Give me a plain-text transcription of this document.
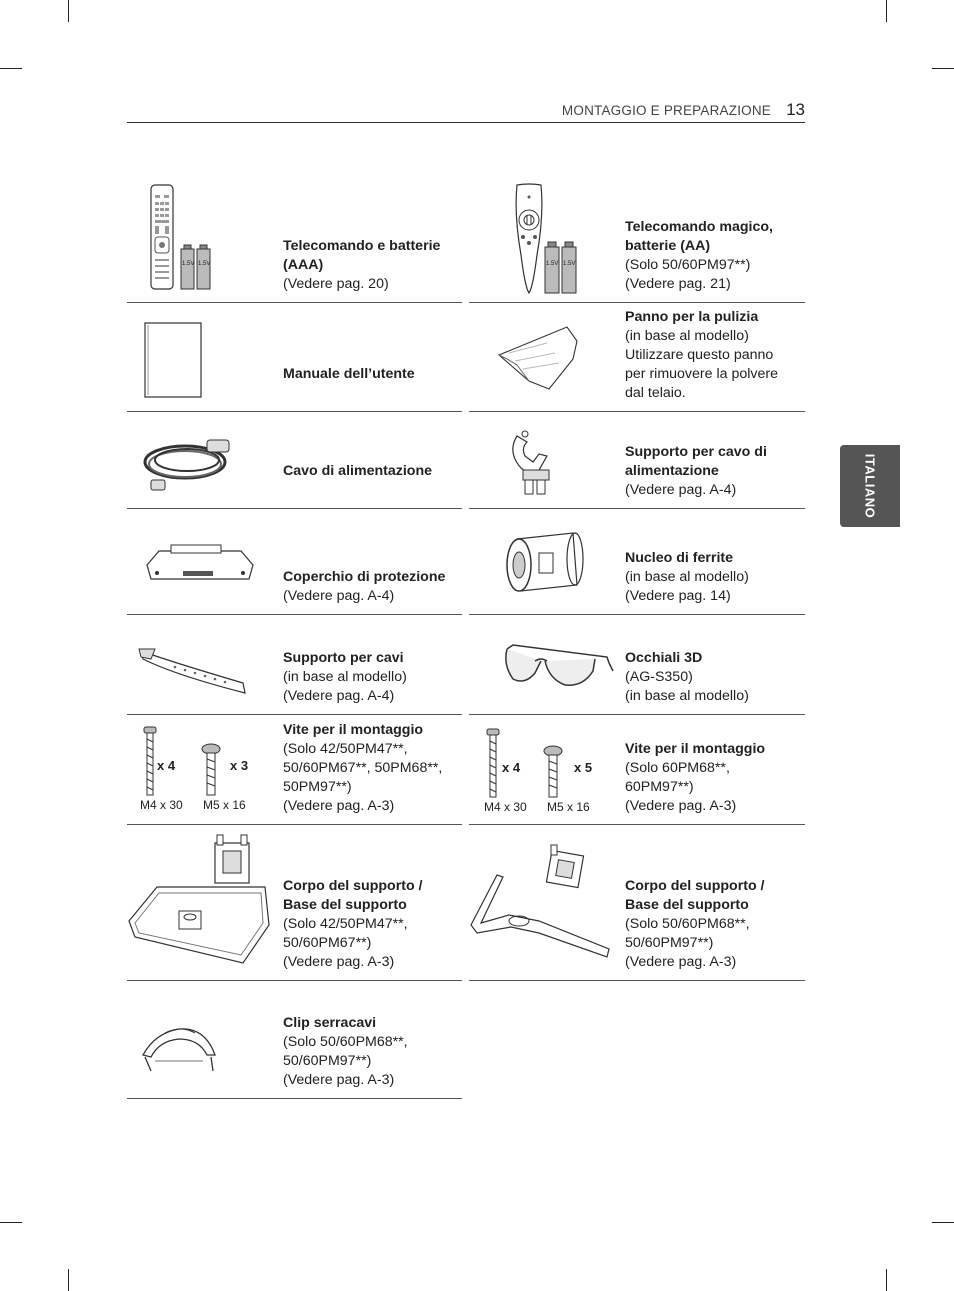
MONTAGGIO E PREPARAZIONE 13
ITALIANO
1.5V 1.5V
Telecomando e batterie
(AAA)
(Vedere pag. 20)
1.5V 1.5V
Telecomando magico,
batterie (AA)
(Solo 50/60PM97**)
(Vedere pag. 21)
Manuale dell’utente

Panno per la pulizia
(in base al modello)
Utilizzare questo panno
per rimuovere la polvere
dal telaio.
Cavo di alimentazione

Supporto per cavo di
alimentazione
(Vedere pag. A-4)
Coperchio di protezione
(Vedere pag. A-4)
Nucleo di ferrite
(in base al modello)
(Vedere pag. 14)
Supporto per cavi
(in base al modello)
(Vedere pag. A-4)
Occhiali 3D
(AG-S350)
(in base al modello)
x 4	x 3
M4 x 30 M5 x 16
Vite per il montaggio
(Solo 42/50PM47**,
50/60PM67**, 50PM68**,
50PM97**)
(Vedere pag. A-3)
x 4	x 5
M4 x 30 M5 x 16
Vite per il montaggio
(Solo 60PM68**, 60PM97**)
(Vedere pag. A-3)
Corpo del supporto /
Base del supporto
(Solo 42/50PM47**,
50/60PM67**)
(Vedere pag. A-3)
Corpo del supporto /
Base del supporto
(Solo 50/60PM68**,
50/60PM97**)
(Vedere pag. A-3)
Clip serracavi
(Solo 50/60PM68**,
50/60PM97**)
(Vedere pag. A-3)
